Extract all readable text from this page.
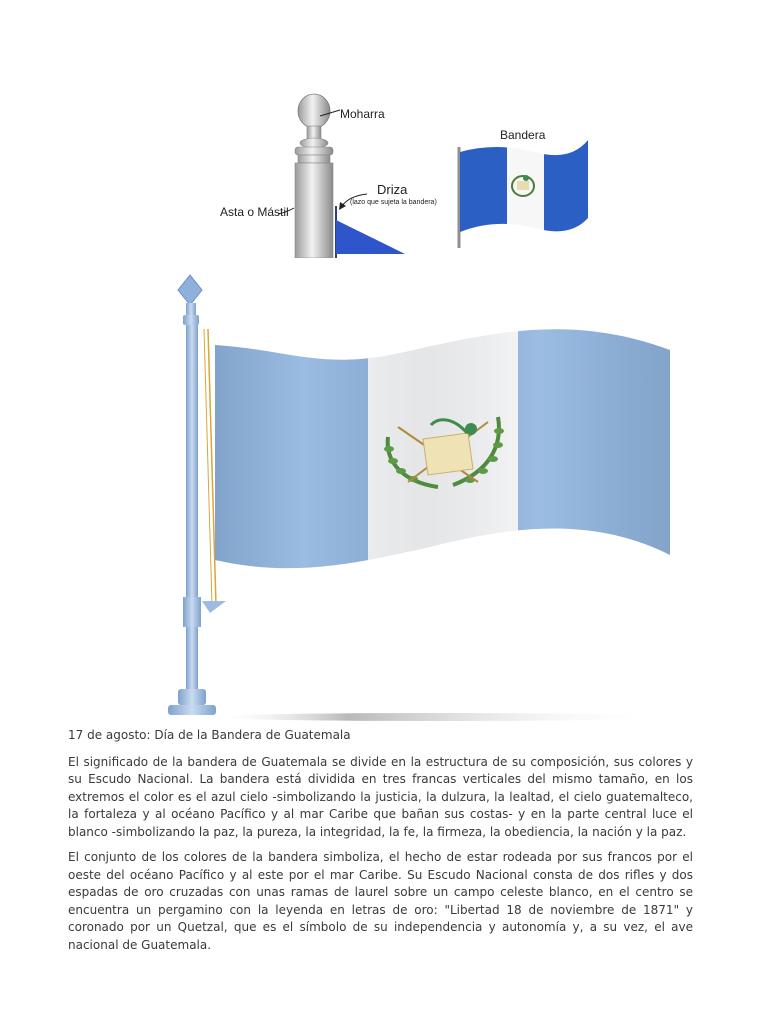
Moharra
Driza
(lazo que sujeta la bandera)
Asta o Mástil
Bandera

17 de agosto: Día de la Bandera de Guatemala

El significado de la bandera de Guatemala se divide en la estructura de su composición, sus colores y su Escudo Nacional. La bandera está dividida en tres francas verticales del mismo tamaño, en los extremos el color es el azul cielo -simbolizando la justicia, la dulzura, la lealtad, el cielo guatemalteco, la fortaleza y al océano Pacífico y al mar Caribe que bañan sus costas- y en la parte central luce el blanco -simbolizando la paz, la pureza, la integridad, la fe, la firmeza, la obediencia, la nación y la paz.

El conjunto de los colores de la bandera simboliza, el hecho de estar rodeada por sus francos por el oeste del océano Pacífico y al este por el mar Caribe. Su Escudo Nacional consta de dos rifles y dos espadas de oro cruzadas con unas ramas de laurel sobre un campo celeste blanco, en el centro se encuentra un pergamino con la leyenda en letras de oro: "Libertad 18 de noviembre de 1871" y coronado por un Quetzal, que es el símbolo de su independencia y autonomía y, a su vez, el ave nacional de Guatemala.
